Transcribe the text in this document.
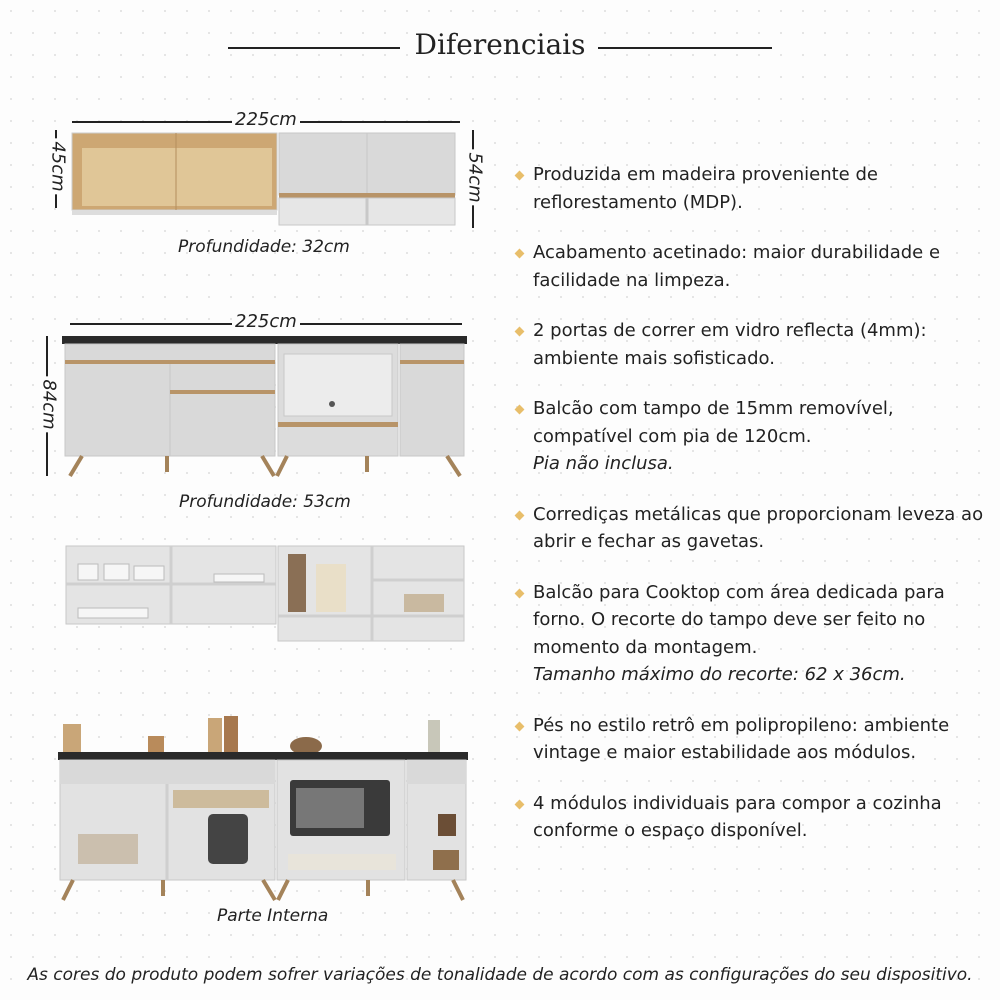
Diferenciais
225cm
45cm	54cm
Profundidade: 32cm
225cm
84cm
Profundidade: 53cm
Parte Interna
Produzida em madeira proveniente de reflorestamento (MDP).
Acabamento acetinado: maior durabilidade e facilidade na limpeza.
2 portas de correr em vidro reflecta (4mm): ambiente mais sofisticado.
Balcão com tampo de 15mm removível, compatível com pia de 120cm.
Pia não inclusa.
Corrediças metálicas que proporcionam leveza ao abrir e fechar as gavetas.
Balcão para Cooktop com área dedicada para forno. O recorte do tampo deve ser feito no momento da montagem.
Tamanho máximo do recorte: 62 x 36cm.
Pés no estilo retrô em polipropileno: ambiente vintage e maior estabilidade aos módulos.
4 módulos individuais para compor a cozinha conforme o espaço disponível.
As cores do produto podem sofrer variações de tonalidade de acordo com as configurações do seu dispositivo.
